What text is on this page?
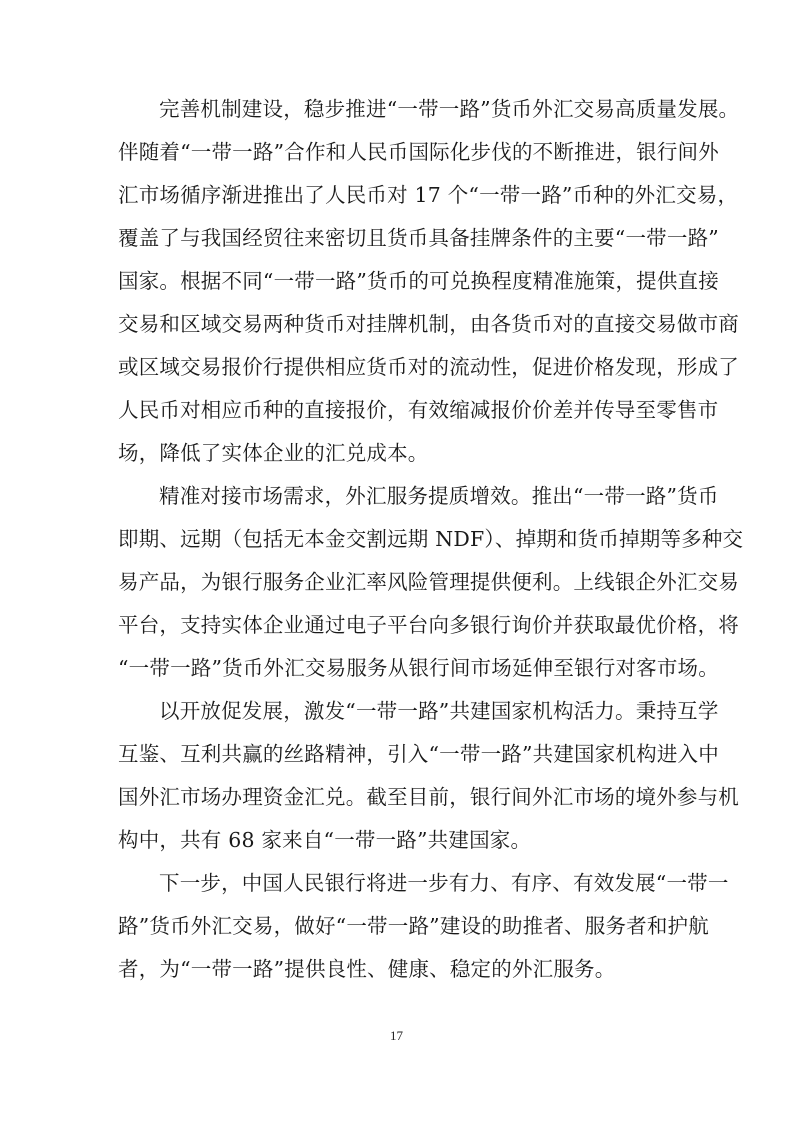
完善机制建设，稳步推进“一带一路”货币外汇交易高质量发展。
伴随着“一带一路”合作和人民币国际化步伐的不断推进，银行间外
汇市场循序渐进推出了人民币对 17 个“一带一路”币种的外汇交易，
覆盖了与我国经贸往来密切且货币具备挂牌条件的主要“一带一路”
国家。根据不同“一带一路”货币的可兑换程度精准施策，提供直接
交易和区域交易两种货币对挂牌机制，由各货币对的直接交易做市商
或区域交易报价行提供相应货币对的流动性，促进价格发现，形成了
人民币对相应币种的直接报价，有效缩减报价价差并传导至零售市
场，降低了实体企业的汇兑成本。
精准对接市场需求，外汇服务提质增效。推出“一带一路”货币
即期、远期（包括无本金交割远期 NDF）、掉期和货币掉期等多种交
易产品，为银行服务企业汇率风险管理提供便利。上线银企外汇交易
平台，支持实体企业通过电子平台向多银行询价并获取最优价格，将
“一带一路”货币外汇交易服务从银行间市场延伸至银行对客市场。
以开放促发展，激发“一带一路”共建国家机构活力。秉持互学
互鉴、互利共赢的丝路精神，引入“一带一路”共建国家机构进入中
国外汇市场办理资金汇兑。截至目前，银行间外汇市场的境外参与机
构中，共有 68 家来自“一带一路”共建国家。
下一步，中国人民银行将进一步有力、有序、有效发展“一带一
路”货币外汇交易，做好“一带一路”建设的助推者、服务者和护航
者，为“一带一路”提供良性、健康、稳定的外汇服务。
17
